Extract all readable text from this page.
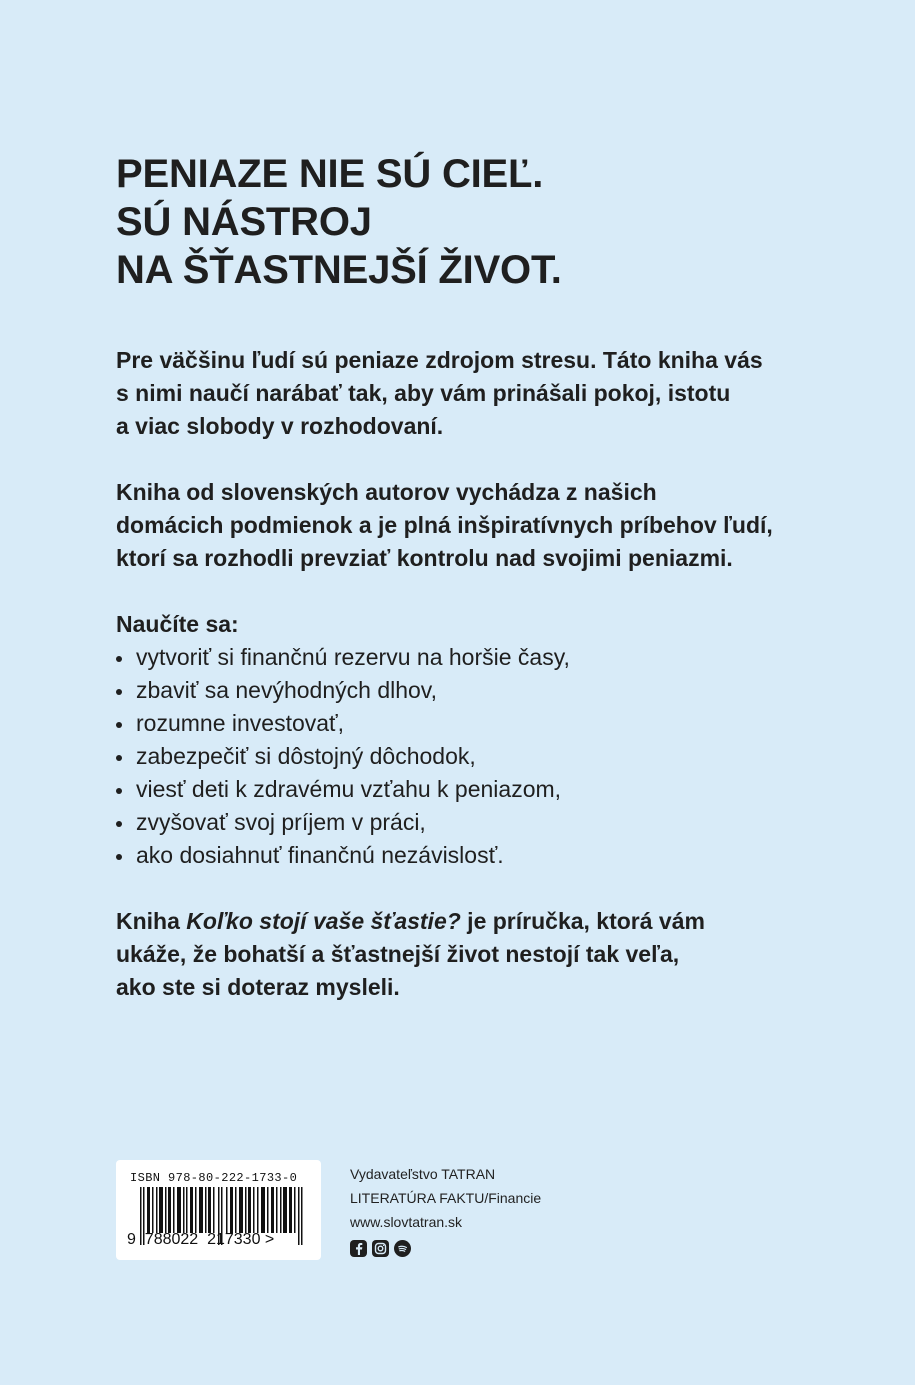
PENIAZE NIE SÚ CIEĽ.
SÚ NÁSTROJ
NA ŠŤASTNEJŠÍ ŽIVOT.
Pre väčšinu ľudí sú peniaze zdrojom stresu. Táto kniha vás
s nimi naučí narábať tak, aby vám prinášali pokoj, istotu
a viac slobody v rozhodovaní.
Kniha od slovenských autorov vychádza z našich
domácich podmienok a je plná inšpiratívnych príbehov ľudí,
ktorí sa rozhodli prevziať kontrolu nad svojimi peniazmi.
Naučíte sa:
vytvoriť si finančnú rezervu na horšie časy,
zbaviť sa nevýhodných dlhov,
rozumne investovať,
zabezpečiť si dôstojný dôchodok,
viesť deti k zdravému vzťahu k peniazom,
zvyšovať svoj príjem v práci,
ako dosiahnuť finančnú nezávislosť.
Kniha Koľko stojí vaše šťastie? je príručka, ktorá vám
ukáže, že bohatší a šťastnejší život nestojí tak veľa,
ako ste si doteraz mysleli.
ISBN 978-80-222-1733-0
9 788022 217330 >
Vydavateľstvo TATRAN
LITERATÚRA FAKTU/Financie
www.slovtatran.sk
